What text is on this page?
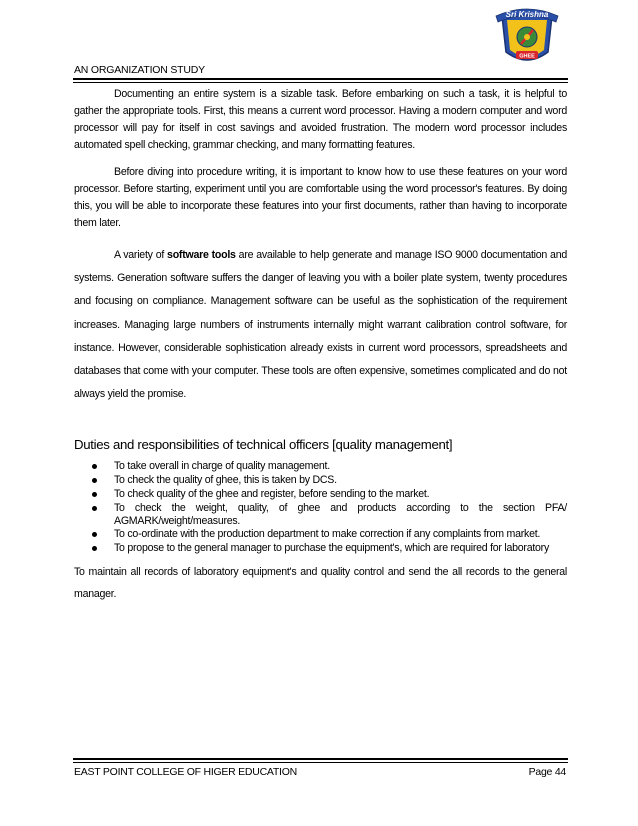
Sri Krishna
GHEE
AN ORGANIZATION STUDY

Documenting an entire system is a sizable task. Before embarking on such a task, it is helpful to gather the appropriate tools. First, this means a current word processor. Having a modern computer and word processor will pay for itself in cost savings and avoided frustration. The modern word processor includes automated spell checking, grammar checking, and many formatting features.

Before diving into procedure writing, it is important to know how to use these features on your word processor. Before starting, experiment until you are comfortable using the word processor's features. By doing this, you will be able to incorporate these features into your first documents, rather than having to incorporate them later.

A variety of software tools are available to help generate and manage ISO 9000 documentation and systems. Generation software suffers the danger of leaving you with a boiler plate system, twenty procedures and focusing on compliance. Management software can be useful as the sophistication of the requirement increases. Managing large numbers of instruments internally might warrant calibration control software, for instance. However, considerable sophistication already exists in current word processors, spreadsheets and databases that come with your computer. These tools are often expensive, sometimes complicated and do not always yield the promise.

Duties and responsibilities of technical officers [quality management]
To take overall in charge of quality management.
To check the quality of ghee, this is taken by DCS.
To check quality of the ghee and register, before sending to the market.
To check the weight, quality, of ghee and products according to the section PFA/ AGMARK/weight/measures.
To co-ordinate with the production department to make correction if any complaints from market.
To propose to the general manager to purchase the equipment's, which are required for laboratory

To maintain all records of laboratory equipment's and quality control and send the all records to the general manager.

EAST POINT COLLEGE OF HIGER EDUCATION	Page 44
